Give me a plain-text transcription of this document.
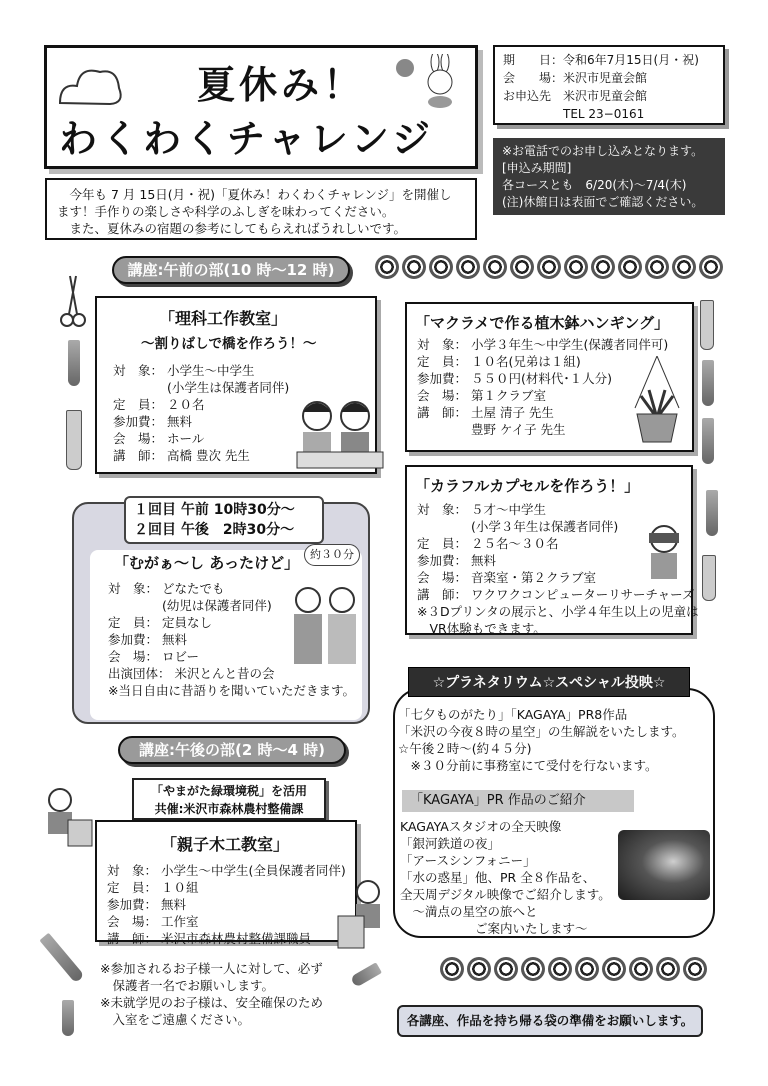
夏休み！
わくわくチャレンジ
期　　日：令和6年7月15日(月・祝)
会　　場：米沢市児童会館
お申込先　米沢市児童会館
　　　　　TEL 23−0161
※お電話でのお申し込みとなります。
[申込み期間]
各コースとも　6/20(木)〜7/4(木)
(注)休館日は表面でご確認ください。
　今年も 7 月 15日(月・祝)「夏休み！わくわくチャレンジ」を開催し
ます！手作りの楽しさや科学のふしぎを味わってください。
　また、夏休みの宿題の参考にしてもらえればうれしいです。
講座:午前の部(10 時〜12 時)
「理科工作教室」
〜割りばしで橋を作ろう！〜
対　象： 小学生〜中学生
　　　　 (小学生は保護者同伴)
定　員： ２０名
参加費： 無料
会　場： ホール
講　師： 高橋 豊次 先生
「マクラメで作る植木鉢ハンギング」
対　象： 小学３年生〜中学生(保護者同伴可)
定　員： １０名(兄弟は１組)
参加費： ５５０円(材料代･１人分)
会　場： 第１クラブ室
講　師： 土屋 清子 先生
　　　　 豊野 ケイ子 先生
「カラフルカプセルを作ろう！」
対　象： ５才〜中学生
　　　　 (小学３年生は保護者同伴)
定　員： ２５名〜３０名
参加費： 無料
会　場： 音楽室・第２クラブ室
講　師： ワクワクコンピューターリサーチャーズ
※３Dプリンタの展示と、小学４年生以上の児童は
　VR体験もできます。
１回目 午前 10時30分〜
２回目 午後　2時30分〜
「むがぁ〜し あったけど」 約３０分
対　象： どなたでも
　　　　 (幼児は保護者同伴)
定　員： 定員なし
参加費： 無料
会　場： ロビー
出演団体： 米沢とんと昔の会
※当日自由に昔語りを聞いていただきます。
講座:午後の部(2 時〜4 時)
「やまがた緑環境税」を活用
共催:米沢市森林農村整備課
「親子木工教室」
対　象： 小学生〜中学生(全員保護者同伴)
定　員： １０組
参加費： 無料
会　場： 工作室
講　師： 米沢市森林農村整備課職員
※参加されるお子様一人に対して、必ず
　保護者一名でお願いします。
※未就学児のお子様は、安全確保のため
　入室をご遠慮ください。
☆プラネタリウム☆スペシャル投映☆
「七夕ものがたり」「KAGAYA」PR8作品
「米沢の今夜８時の星空」の生解説をいたします。
☆午後２時〜(約４５分)
　※３０分前に事務室にて受付を行ないます。
「KAGAYA」PR 作品のご紹介
KAGAYAスタジオの全天映像
「銀河鉄道の夜」
「アースシンフォニー」
「水の惑星」他、PR 全８作品を、
全天周デジタル映像でご紹介します。
　〜満点の星空の旅へと
　　　　　　ご案内いたします〜
各講座、作品を持ち帰る袋の準備をお願いします。
